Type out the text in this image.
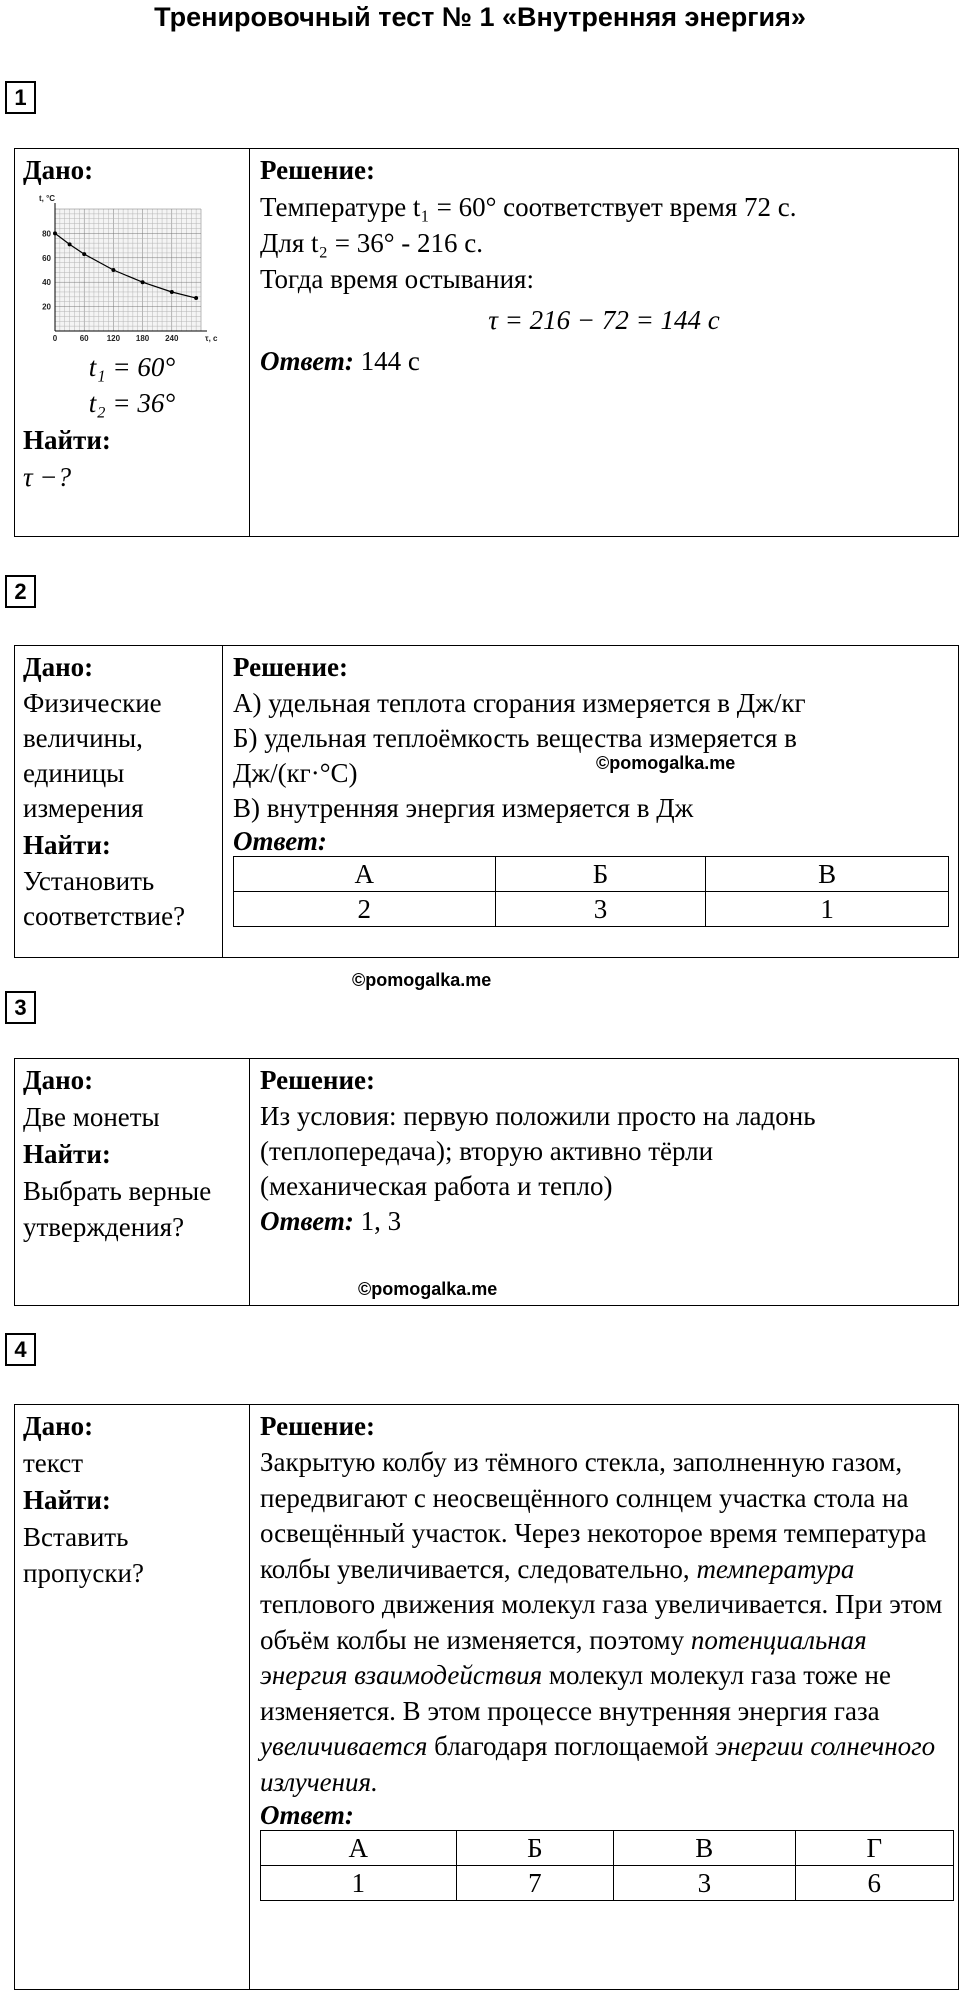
Тренировочный тест № 1 «Внутренняя энергия»
1
Дано:
0	60 120 180 240
20
40
60
80
t, °C
τ, c
t₁ = 60°
t₂ = 36°
Найти:
τ −?
Решение:
Температуре t₁ = 60° соответствует время 72 с.
Для t₂ = 36° - 216 с.
Тогда время остывания:
τ = 216 − 72 = 144 с
Ответ: 144 с
2
Дано:
Физические величины, единицы измерения
Найти:
Установить соответствие?
Решение:
А) удельная теплота сгорания измеряется в Дж/кг
Б) удельная теплоёмкость вещества измеряется в
Дж/(кг·°С)
В) внутренняя энергия измеряется в Дж
Ответ:
А	Б	В
2	3	1
©pomogalka.me
©pomogalka.me
3
Дано:
Две монеты
Найти:
Выбрать верные утверждения?
Решение:
Из условия: первую положили просто на ладонь
(теплопередача); вторую активно тёрли
(механическая работа и тепло)
Ответ: 1, 3
©pomogalka.me
4
Дано:
текст
Найти:
Вставить пропуски?
Решение:
Закрытую колбу из тёмного стекла, заполненную газом, передвигают с неосвещённого солнцем участка стола на освещённый участок. Через некоторое время температура колбы увеличивается, следовательно, температура теплового движения молекул газа увеличивается. При этом объём колбы не изменяется, поэтому потенциальная энергия взаимодействия молекул молекул газа тоже не изменяется. В этом процессе внутренняя энергия газа увеличивается благодаря поглощаемой энергии солнечного излучения.
Ответ:
А	Б	В	Г
1	7	3	6
